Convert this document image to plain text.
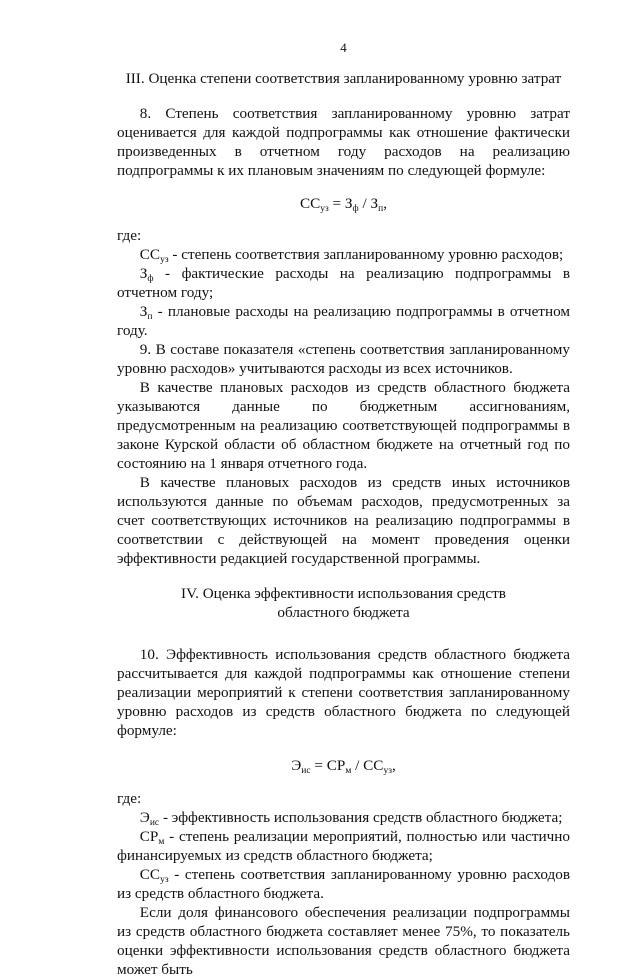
4
III. Оценка степени соответствия запланированному уровню затрат

8. Степень соответствия запланированному уровню затрат оценивается для каждой подпрограммы как отношение фактически произведенных в отчетном году расходов на реализацию подпрограммы к их плановым значениям по следующей формуле:

$СС_{уз} = З_ф / З_п$,

где:

$СС_{уз}$ - степень соответствия запланированному уровню расходов;

$З_ф$ - фактические расходы на реализацию подпрограммы в отчетном году;

$З_п$ - плановые расходы на реализацию подпрограммы в отчетном году.

9. В составе показателя «степень соответствия запланированному уровню расходов» учитываются расходы из всех источников.

В качестве плановых расходов из средств областного бюджета указываются данные по бюджетным ассигнованиям, предусмотренным на реализацию соответствующей подпрограммы в законе Курской области об областном бюджете на отчетный год по состоянию на 1 января отчетного года.

В качестве плановых расходов из средств иных источников используются данные по объемам расходов, предусмотренных за счет соответствующих источников на реализацию подпрограммы в соответствии с действующей на момент проведения оценки эффективности редакцией государственной программы.

IV. Оценка эффективности использования средств
областного бюджета

10. Эффективность использования средств областного бюджета рассчитывается для каждой подпрограммы как отношение степени реализации мероприятий к степени соответствия запланированному уровню расходов из средств областного бюджета по следующей формуле:

$Э_{ис} = СР_м / СС_{уз}$,

где:

$Э_{ис}$ - эффективность использования средств областного бюджета;

$СР_м$ - степень реализации мероприятий, полностью или частично финансируемых из средств областного бюджета;

$СС_{уз}$ - степень соответствия запланированному уровню расходов из средств областного бюджета.

Если доля финансового обеспечения реализации подпрограммы из средств областного бюджета составляет менее 75%, то показатель оценки эффективности использования средств областного бюджета может быть
